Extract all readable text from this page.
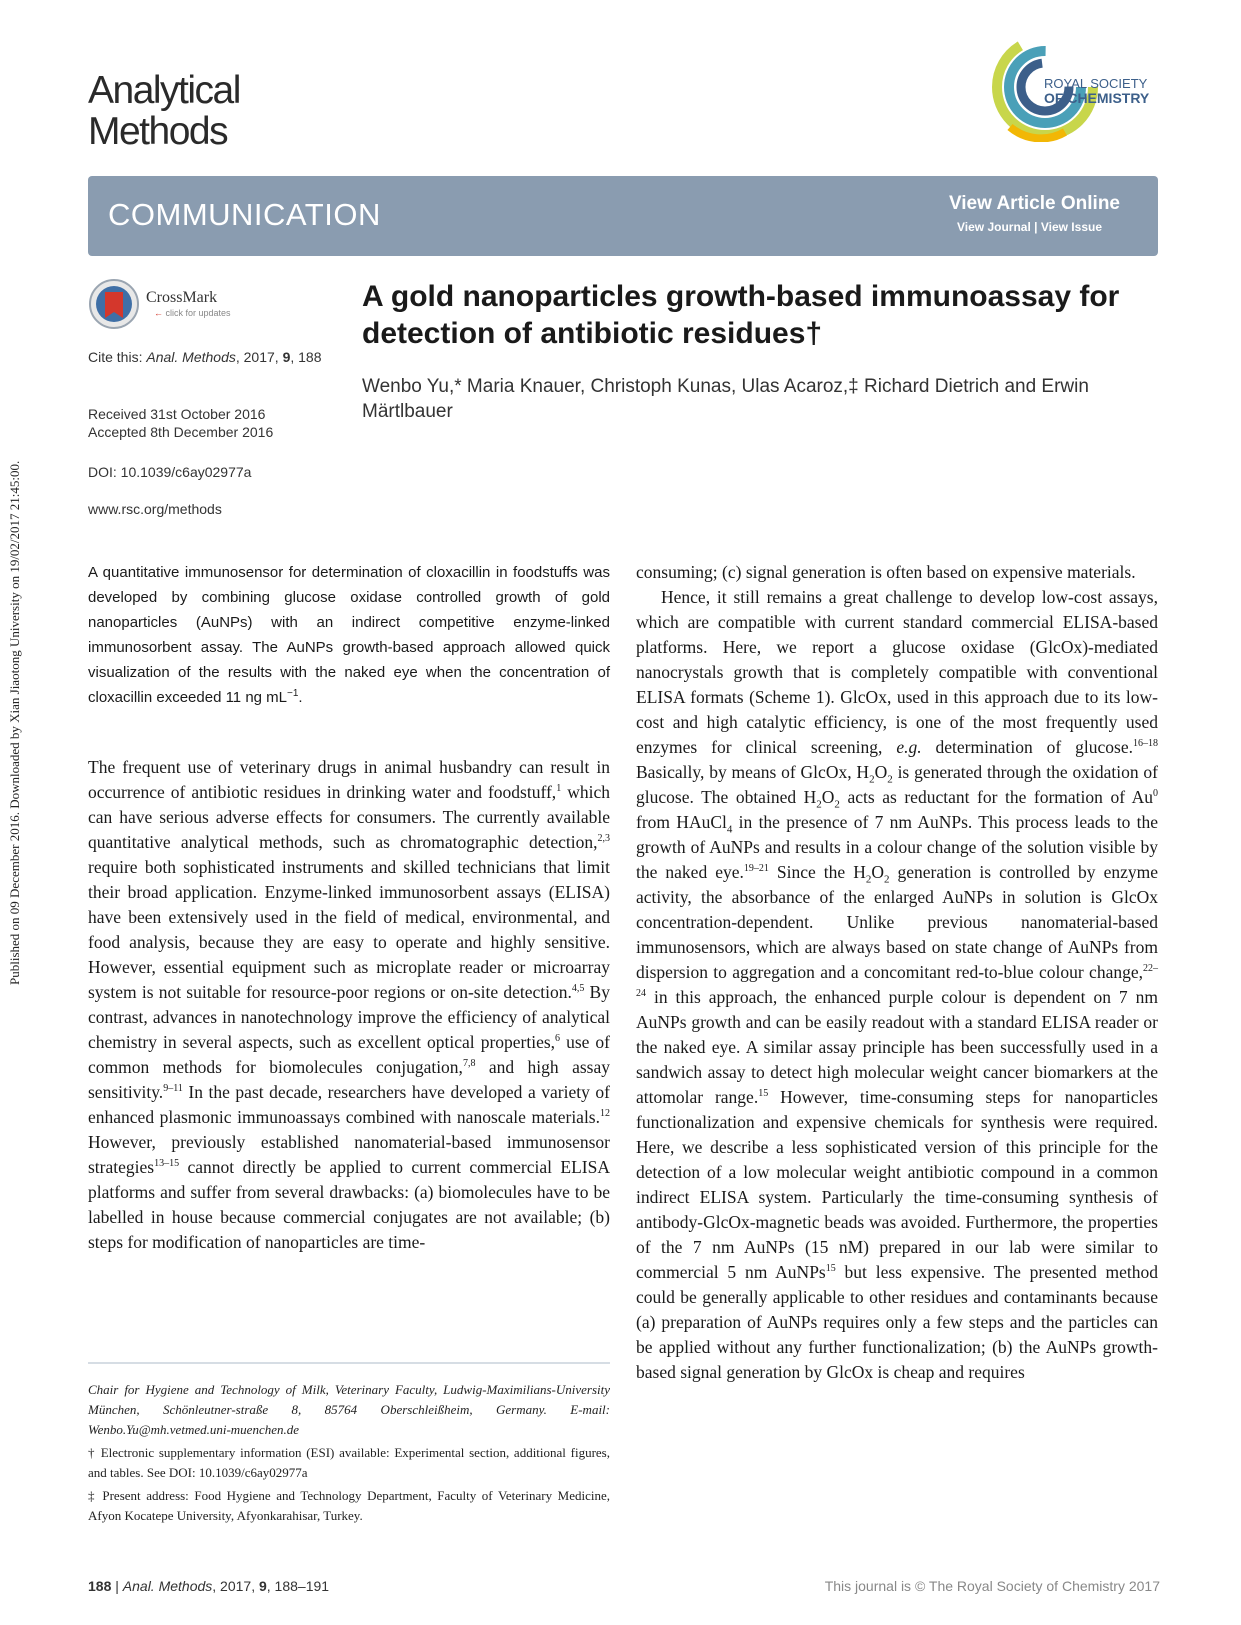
Analytical
Methods
ROYAL SOCIETY
OF CHEMISTRY
COMMUNICATION	View Article Online
View Journal | View Issue
Published on 09 December 2016. Downloaded by Xian Jiaotong University on 19/02/2017 21:45:00.
CrossMark
← click for updates
Cite this: Anal. Methods, 2017, 9, 188
Received 31st October 2016
Accepted 8th December 2016
DOI: 10.1039/c6ay02977a
www.rsc.org/methods
A gold nanoparticles growth-based immunoassay for detection of antibiotic residues†
Wenbo Yu,* Maria Knauer, Christoph Kunas, Ulas Acaroz,‡ Richard Dietrich and Erwin Märtlbauer
A quantitative immunosensor for determination of cloxacillin in foodstuffs was developed by combining glucose oxidase controlled growth of gold nanoparticles (AuNPs) with an indirect competitive enzyme-linked immunosorbent assay. The AuNPs growth-based approach allowed quick visualization of the results with the naked eye when the concentration of cloxacillin exceeded 11 ng $mL^{-1}$.

The frequent use of veterinary drugs in animal husbandry can result in occurrence of antibiotic residues in drinking water and foodstuff,$^1$ which can have serious adverse effects for consumers. The currently available quantitative analytical methods, such as chromatographic detection,$^{2,3}$ require both sophisticated instruments and skilled technicians that limit their broad application. Enzyme-linked immunosorbent assays (ELISA) have been extensively used in the field of medical, environmental, and food analysis, because they are easy to operate and highly sensitive. However, essential equipment such as microplate reader or microarray system is not suitable for resource-poor regions or on-site detection.$^{4,5}$ By contrast, advances in nanotechnology improve the efficiency of analytical chemistry in several aspects, such as excellent optical properties,$^6$ use of common methods for biomolecules conjugation,$^{7,8}$ and high assay sensitivity.$^{9-11}$ In the past decade, researchers have developed a variety of enhanced plasmonic immunoassays combined with nanoscale materials.$^{12}$ However, previously established nanomaterial-based immunosensor strategies$^{13-15}$ cannot directly be applied to current commercial ELISA platforms and suffer from several drawbacks: (a) biomolecules have to be labelled in house because commercial conjugates are not available; (b) steps for modification of nanoparticles are time-

consuming; (c) signal generation is often based on expensive materials.

Hence, it still remains a great challenge to develop low-cost assays, which are compatible with current standard commercial ELISA-based platforms. Here, we report a glucose oxidase (GlcOx)-mediated nanocrystals growth that is completely compatible with conventional ELISA formats (Scheme 1). GlcOx, used in this approach due to its low-cost and high catalytic efficiency, is one of the most frequently used enzymes for clinical screening, e.g. determination of glucose.$^{16-18}$ Basically, by means of GlcOx, $H_2O_2$ is generated through the oxidation of glucose. The obtained $H_2O_2$ acts as reductant for the formation of Au$^0$ from HAuCl$_4$ in the presence of 7 nm AuNPs. This process leads to the growth of AuNPs and results in a colour change of the solution visible by the naked eye.$^{19-21}$ Since the $H_2O_2$ generation is controlled by enzyme activity, the absorbance of the enlarged AuNPs in solution is GlcOx concentration-dependent. Unlike previous nanomaterial-based immunosensors, which are always based on state change of AuNPs from dispersion to aggregation and a concomitant red-to-blue colour change,$^{22-24}$ in this approach, the enhanced purple colour is dependent on 7 nm AuNPs growth and can be easily readout with a standard ELISA reader or the naked eye. A similar assay principle has been successfully used in a sandwich assay to detect high molecular weight cancer biomarkers at the attomolar range.$^{15}$ However, time-consuming steps for nanoparticles functionalization and expensive chemicals for synthesis were required. Here, we describe a less sophisticated version of this principle for the detection of a low molecular weight antibiotic compound in a common indirect ELISA system. Particularly the time-consuming synthesis of antibody-GlcOx-magnetic beads was avoided. Furthermore, the properties of the 7 nm AuNPs (15 nM) prepared in our lab were similar to commercial 5 nm AuNPs$^{15}$ but less expensive. The presented method could be generally applicable to other residues and contaminants because (a) preparation of AuNPs requires only a few steps and the particles can be applied without any further functionalization; (b) the AuNPs growth-based signal generation by GlcOx is cheap and requires

Chair for Hygiene and Technology of Milk, Veterinary Faculty, Ludwig-Maximilians-University München, Schönleutner-straße 8, 85764 Oberschleißheim, Germany. E-mail: Wenbo.Yu@mh.vetmed.uni-muenchen.de

† Electronic supplementary information (ESI) available: Experimental section, additional figures, and tables. See DOI: 10.1039/c6ay02977a

‡ Present address: Food Hygiene and Technology Department, Faculty of Veterinary Medicine, Afyon Kocatepe University, Afyonkarahisar, Turkey.

188 | Anal. Methods, 2017, 9, 188–191	This journal is © The Royal Society of Chemistry 2017
